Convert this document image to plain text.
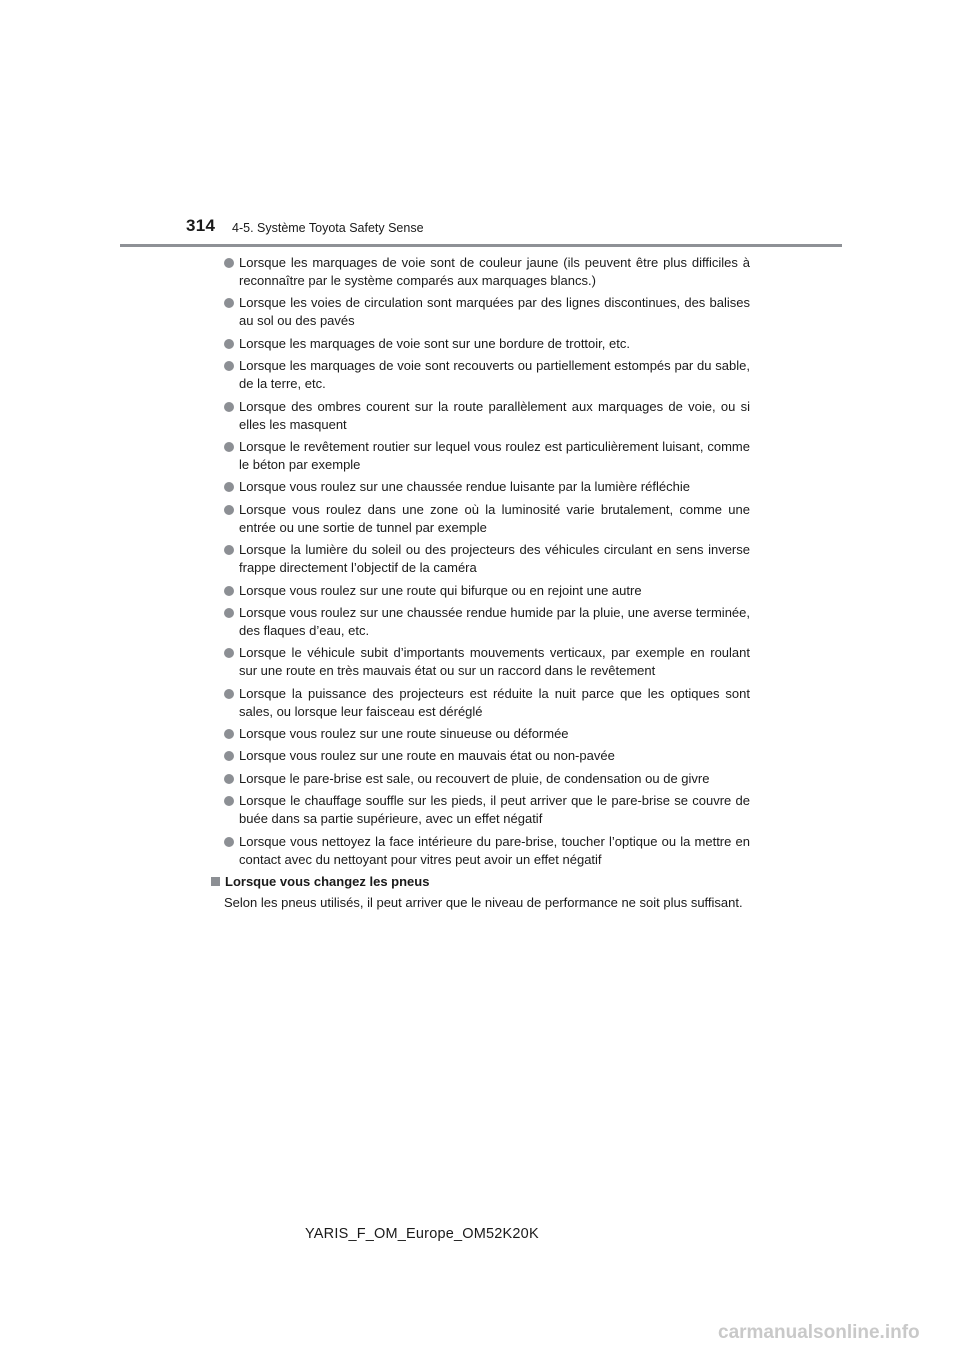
314 4-5. Système Toyota Safety Sense
Lorsque les marquages de voie sont de couleur jaune (ils peuvent être plus difficiles à reconnaître par le système comparés aux marquages blancs.)
Lorsque les voies de circulation sont marquées par des lignes discontinues, des balises au sol ou des pavés
Lorsque les marquages de voie sont sur une bordure de trottoir, etc.
Lorsque les marquages de voie sont recouverts ou partiellement estompés par du sable, de la terre, etc.
Lorsque des ombres courent sur la route parallèlement aux marquages de voie, ou si elles les masquent
Lorsque le revêtement routier sur lequel vous roulez est particulièrement luisant, comme le béton par exemple
Lorsque vous roulez sur une chaussée rendue luisante par la lumière réfléchie
Lorsque vous roulez dans une zone où la luminosité varie brutalement, comme une entrée ou une sortie de tunnel par exemple
Lorsque la lumière du soleil ou des projecteurs des véhicules circulant en sens inverse frappe directement l’objectif de la caméra
Lorsque vous roulez sur une route qui bifurque ou en rejoint une autre
Lorsque vous roulez sur une chaussée rendue humide par la pluie, une averse terminée, des flaques d’eau, etc.
Lorsque le véhicule subit d’importants mouvements verticaux, par exemple en roulant sur une route en très mauvais état ou sur un raccord dans le revêtement
Lorsque la puissance des projecteurs est réduite la nuit parce que les optiques sont sales, ou lorsque leur faisceau est déréglé
Lorsque vous roulez sur une route sinueuse ou déformée
Lorsque vous roulez sur une route en mauvais état ou non-pavée
Lorsque le pare-brise est sale, ou recouvert de pluie, de condensation ou de givre
Lorsque le chauffage souffle sur les pieds, il peut arriver que le pare-brise se couvre de buée dans sa partie supérieure, avec un effet négatif
Lorsque vous nettoyez la face intérieure du pare-brise, toucher l’optique ou la mettre en contact avec du nettoyant pour vitres peut avoir un effet négatif
Lorsque vous changez les pneus
Selon les pneus utilisés, il peut arriver que le niveau de performance ne soit plus suffisant.
YARIS_F_OM_Europe_OM52K20K
carmanualsonline.info
